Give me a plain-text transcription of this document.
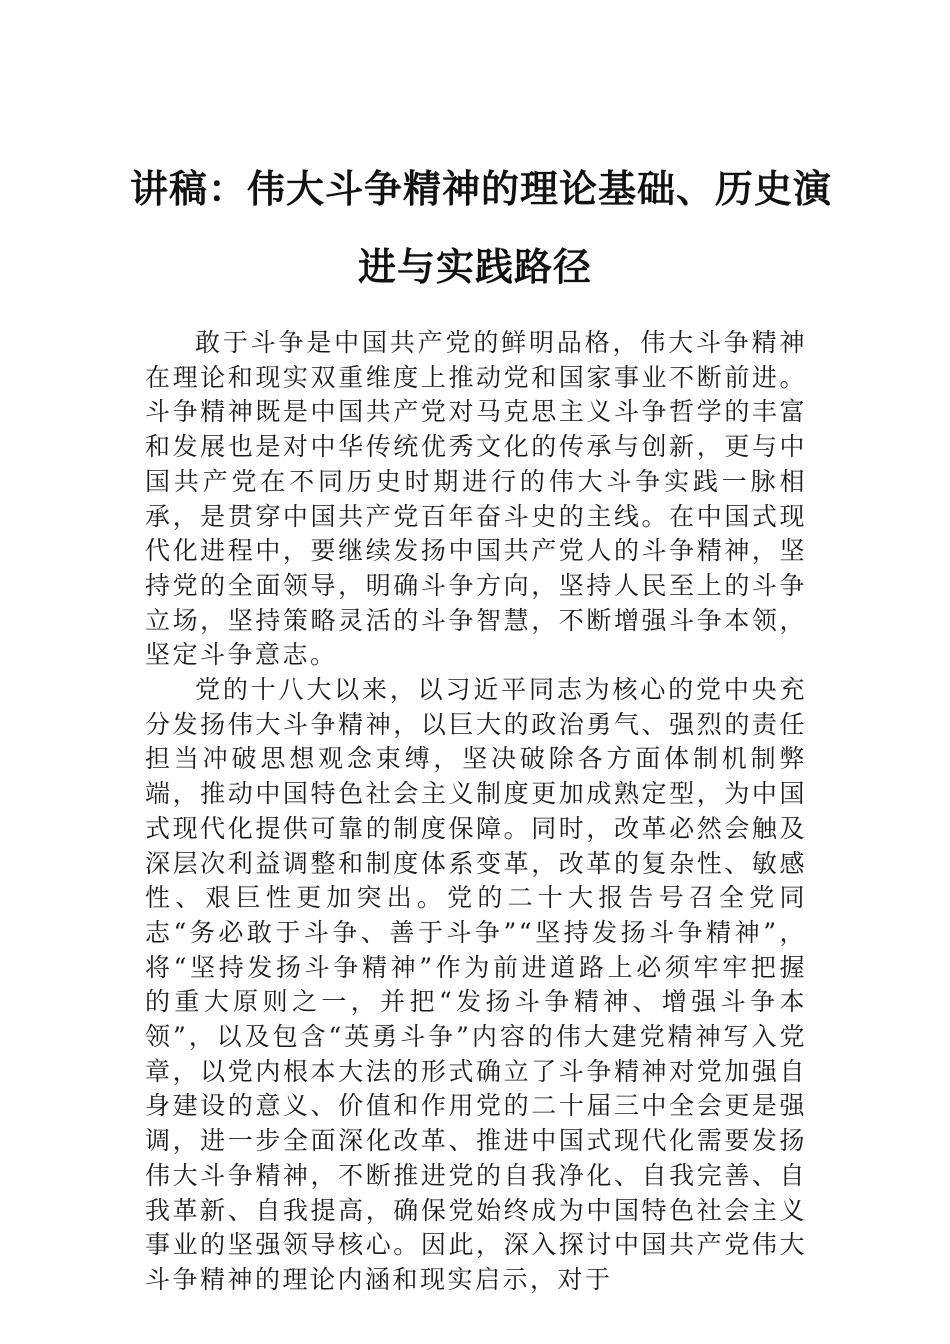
讲稿：伟大斗争精神的理论基础、历史演
进与实践路径

敢于斗争是中国共产党的鲜明品格，伟大斗争精神在理论和现实双重维度上推动党和国家事业不断前进。斗争精神既是中国共产党对马克思主义斗争哲学的丰富和发展也是对中华传统优秀文化的传承与创新，更与中国共产党在不同历史时期进行的伟大斗争实践一脉相承，是贯穿中国共产党百年奋斗史的主线。在中国式现代化进程中，要继续发扬中国共产党人的斗争精神，坚持党的全面领导，明确斗争方向，坚持人民至上的斗争立场，坚持策略灵活的斗争智慧，不断增强斗争本领，坚定斗争意志。

党的十八大以来，以习近平同志为核心的党中央充分发扬伟大斗争精神，以巨大的政治勇气、强烈的责任担当冲破思想观念束缚，坚决破除各方面体制机制弊端，推动中国特色社会主义制度更加成熟定型，为中国式现代化提供可靠的制度保障。同时，改革必然会触及深层次利益调整和制度体系变革，改革的复杂性、敏感性、艰巨性更加突出。党的二十大报告号召全党同志“务必敢于斗争、善于斗争”“坚持发扬斗争精神”，将“坚持发扬斗争精神”作为前进道路上必须牢牢把握的重大原则之一，并把“发扬斗争精神、增强斗争本领”，以及包含“英勇斗争”内容的伟大建党精神写入党章，以党内根本大法的形式确立了斗争精神对党加强自身建设的意义、价值和作用党的二十届三中全会更是强调，进一步全面深化改革、推进中国式现代化需要发扬伟大斗争精神，不断推进党的自我净化、自我完善、自我革新、自我提高，确保党始终成为中国特色社会主义事业的坚强领导核心。因此，深入探讨中国共产党伟大斗争精神的理论内涵和现实启示，对于
